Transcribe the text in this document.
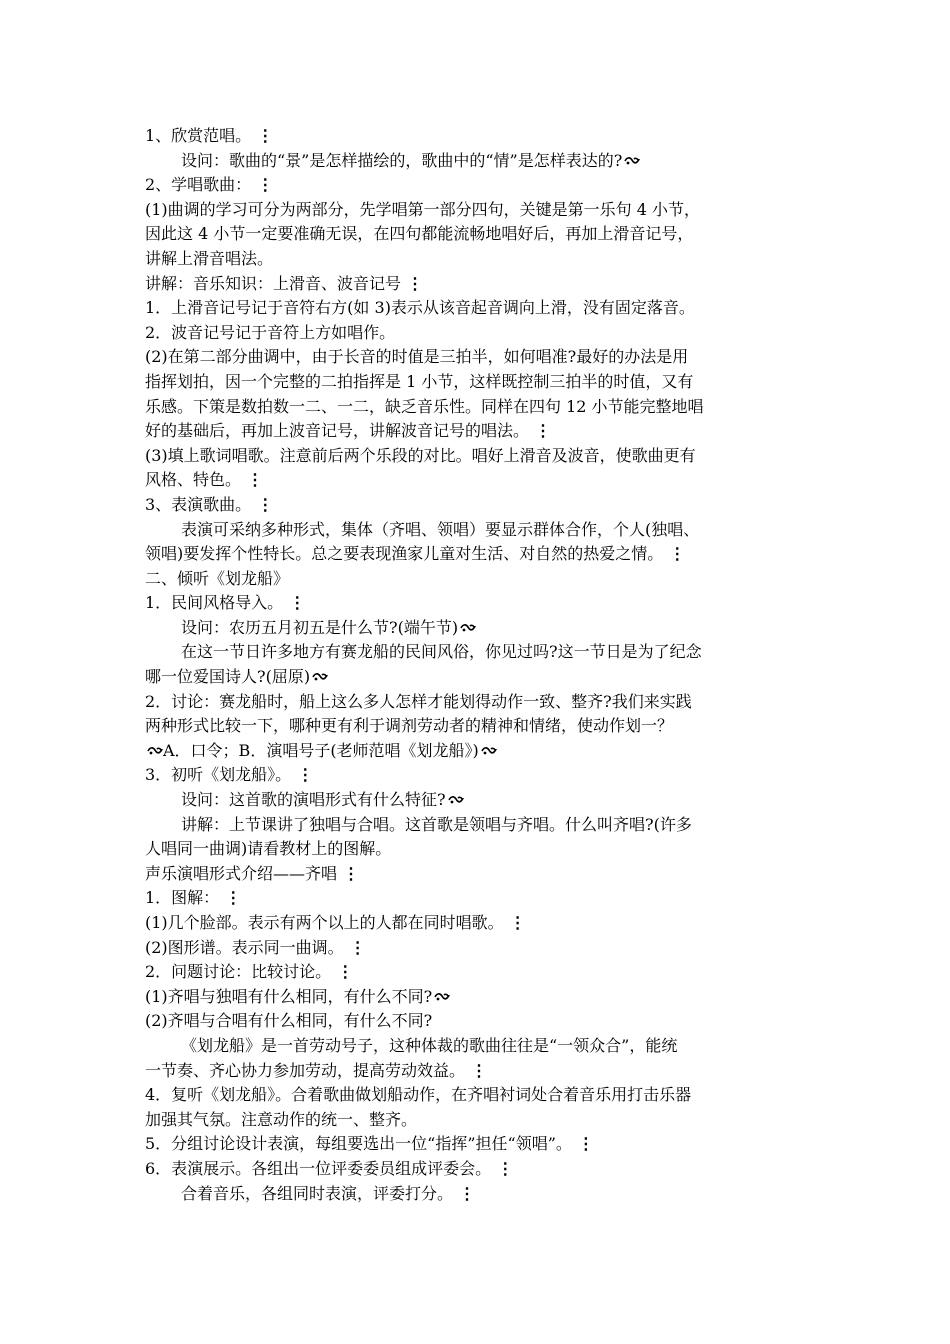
1、欣赏范唱。 ⋮
设问：歌曲的“景”是怎样描绘的，歌曲中的“情”是怎样表达的?
2、学唱歌曲： ⋮
(1)曲调的学习可分为两部分，先学唱第一部分四句，关键是第一乐句 4 小节，
因此这 4 小节一定要准确无误，在四句都能流畅地唱好后，再加上滑音记号，
讲解上滑音唱法。
讲解：音乐知识：上滑音、波音记号 ⋮
1．上滑音记号记于音符右方(如 3)表示从该音起音调向上滑，没有固定落音。
2．波音记号记于音符上方如唱作。
(2)在第二部分曲调中，由于长音的时值是三拍半，如何唱准?最好的办法是用
指挥划拍，因一个完整的二拍指挥是 1 小节，这样既控制三拍半的时值，又有
乐感。下策是数拍数一二、一二，缺乏音乐性。同样在四句 12 小节能完整地唱
好的基础后，再加上波音记号，讲解波音记号的唱法。 ⋮
(3)填上歌词唱歌。注意前后两个乐段的对比。唱好上滑音及波音，使歌曲更有
风格、特色。 ⋮
3、表演歌曲。 ⋮
表演可采纳多种形式，集体（齐唱、领唱）要显示群体合作，个人(独唱、
领唱)要发挥个性特长。总之要表现渔家儿童对生活、对自然的热爱之情。 ⋮
二、倾听《划龙船》
1．民间风格导入。 ⋮
设问：农历五月初五是什么节?(端午节)
在这一节日许多地方有赛龙船的民间风俗，你见过吗?这一节日是为了纪念
哪一位爱国诗人?(屈原)
2．讨论：赛龙船时，船上这么多人怎样才能划得动作一致、整齐?我们来实践
两种形式比较一下，哪种更有利于调剂劳动者的精神和情绪，使动作划一？
A．口令；B．演唱号子(老师范唱《划龙船》)
3．初听《划龙船》。 ⋮
设问：这首歌的演唱形式有什么特征?
讲解：上节课讲了独唱与合唱。这首歌是领唱与齐唱。什么叫齐唱?(许多
人唱同一曲调)请看教材上的图解。
声乐演唱形式介绍——齐唱 ⋮
1．图解： ⋮
(1)几个脸部。表示有两个以上的人都在同时唱歌。 ⋮
(2)图形谱。表示同一曲调。 ⋮
2．问题讨论：比较讨论。 ⋮
(1)齐唱与独唱有什么相同，有什么不同?
(2)齐唱与合唱有什么相同，有什么不同?
《划龙船》是一首劳动号子，这种体裁的歌曲往往是“一领众合”，能统
一节奏、齐心协力参加劳动，提高劳动效益。 ⋮
4．复听《划龙船》。合着歌曲做划船动作，在齐唱衬词处合着音乐用打击乐器
加强其气氛。注意动作的统一、整齐。
5．分组讨论设计表演，每组要选出一位“指挥”担任“领唱”。 ⋮
6．表演展示。各组出一位评委委员组成评委会。 ⋮
合着音乐，各组同时表演，评委打分。 ⋮
